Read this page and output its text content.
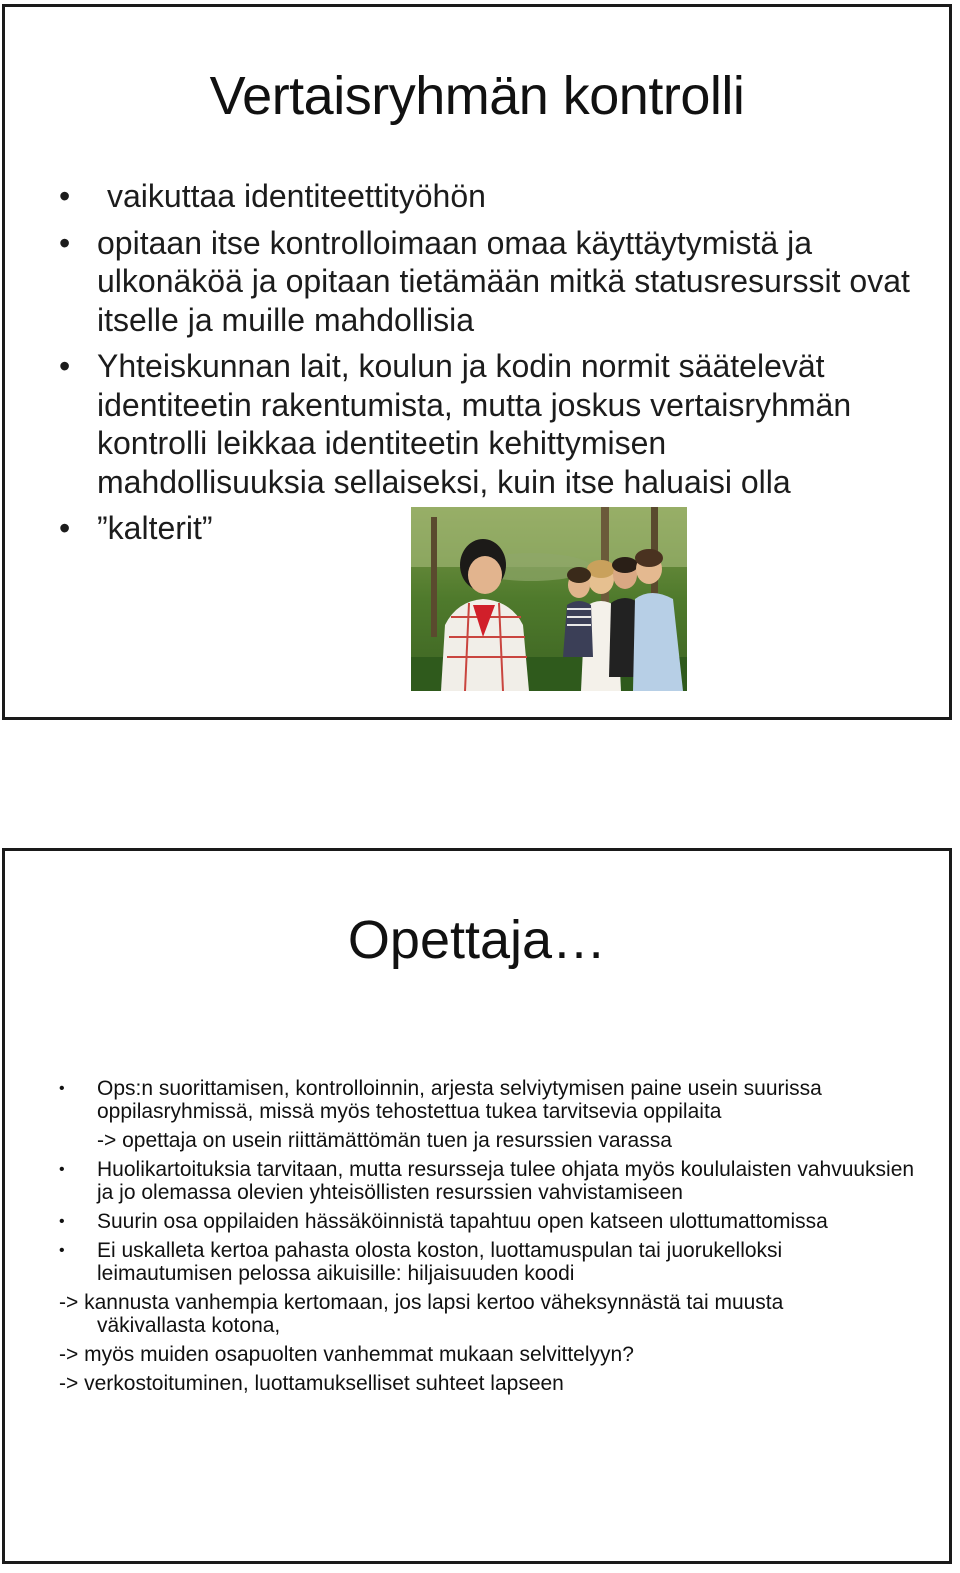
Vertaisryhmän kontrolli
• vaikuttaa identiteettityöhön
• opitaan itse kontrolloimaan omaa käyttäytymistä ja ulkonäköä ja opitaan tietämään mitkä statusresurssit ovat itselle ja muille mahdollisia
• Yhteiskunnan lait, koulun ja kodin normit säätelevät identiteetin rakentumista, mutta joskus vertaisryhmän kontrolli leikkaa identiteetin kehittymisen mahdollisuuksia sellaiseksi, kuin itse haluaisi olla
• ”kalterit”
Opettaja…
• Ops:n suorittamisen, kontrolloinnin, arjesta selviytymisen paine usein suurissa oppilasryhmissä, missä myös tehostettua tukea tarvitsevia oppilaita
-> opettaja on usein riittämättömän tuen ja resurssien varassa
• Huolikartoituksia tarvitaan, mutta resursseja tulee ohjata myös koululaisten vahvuuksien ja jo olemassa olevien yhteisöllisten resurssien vahvistamiseen
• Suurin osa oppilaiden hässäköinnistä tapahtuu open katseen ulottumattomissa
• Ei uskalleta kertoa pahasta olosta koston, luottamuspulan tai juorukelloksi leimautumisen pelossa aikuisille: hiljaisuuden koodi
-> kannusta vanhempia kertomaan, jos lapsi kertoo väheksynnästä tai muusta
väkivallasta kotona,
-> myös muiden osapuolten vanhemmat mukaan selvittelyyn?
-> verkostoituminen, luottamukselliset suhteet lapseen
